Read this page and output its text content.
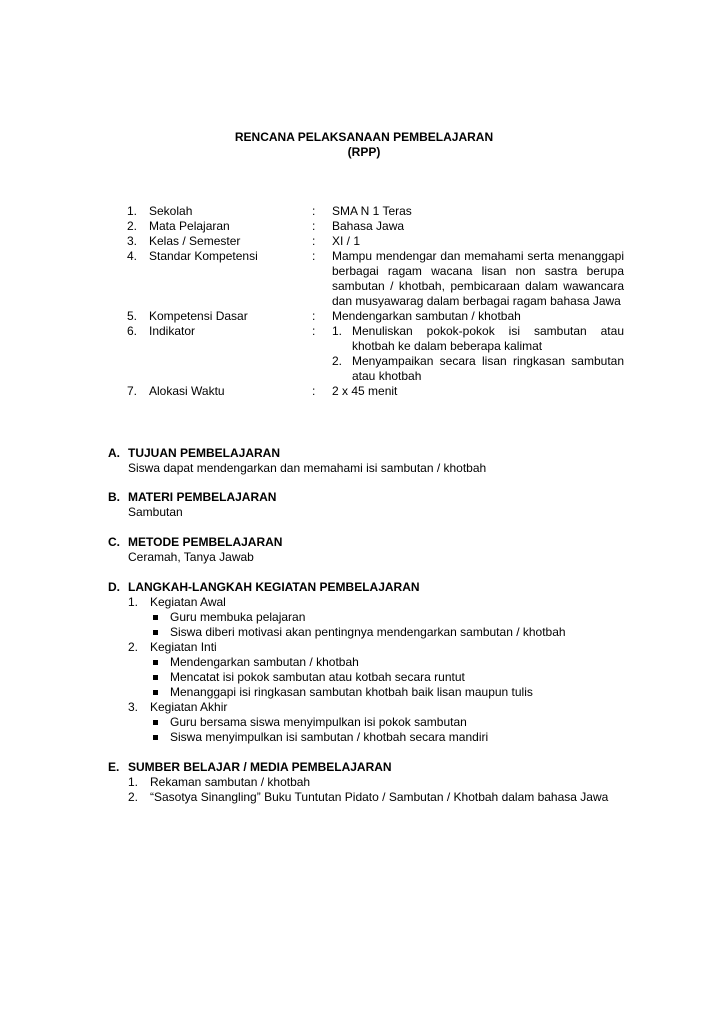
RENCANA PELAKSANAAN PEMBELAJARAN
(RPP)
1. Sekolah	:	SMA N 1 Teras
2. Mata Pelajaran	:	Bahasa Jawa
3. Kelas / Semester	:	XI / 1
4. Standar Kompetensi	:	Mampu mendengar dan memahami serta menanggapi berbagai ragam wacana lisan non sastra berupa sambutan / khotbah, pembicaraan dalam wawancara dan musyawarag dalam berbagai ragam bahasa Jawa
5. Kompetensi Dasar	:	Mendengarkan sambutan / khotbah
6. Indikator	:	1. Menuliskan pokok-pokok isi sambutan atau khotbah ke dalam beberapa kalimat
2. Menyampaikan secara lisan ringkasan sambutan atau khotbah
7. Alokasi Waktu	:	2 x 45 menit
A. TUJUAN PEMBELAJARAN
Siswa dapat mendengarkan dan memahami isi sambutan / khotbah
B. MATERI PEMBELAJARAN
Sambutan
C. METODE PEMBELAJARAN
Ceramah, Tanya Jawab
D. LANGKAH-LANGKAH KEGIATAN PEMBELAJARAN
1. Kegiatan Awal
Guru membuka pelajaran
Siswa diberi motivasi akan pentingnya mendengarkan sambutan / khotbah
2. Kegiatan Inti
Mendengarkan sambutan / khotbah
Mencatat isi pokok sambutan atau kotbah secara runtut
Menanggapi isi ringkasan sambutan khotbah baik lisan maupun tulis
3. Kegiatan Akhir
Guru bersama siswa menyimpulkan isi pokok sambutan
Siswa menyimpulkan isi sambutan / khotbah secara mandiri
E. SUMBER BELAJAR / MEDIA PEMBELAJARAN
1. Rekaman sambutan / khotbah
2. “Sasotya Sinangling” Buku Tuntutan Pidato / Sambutan / Khotbah dalam bahasa Jawa
